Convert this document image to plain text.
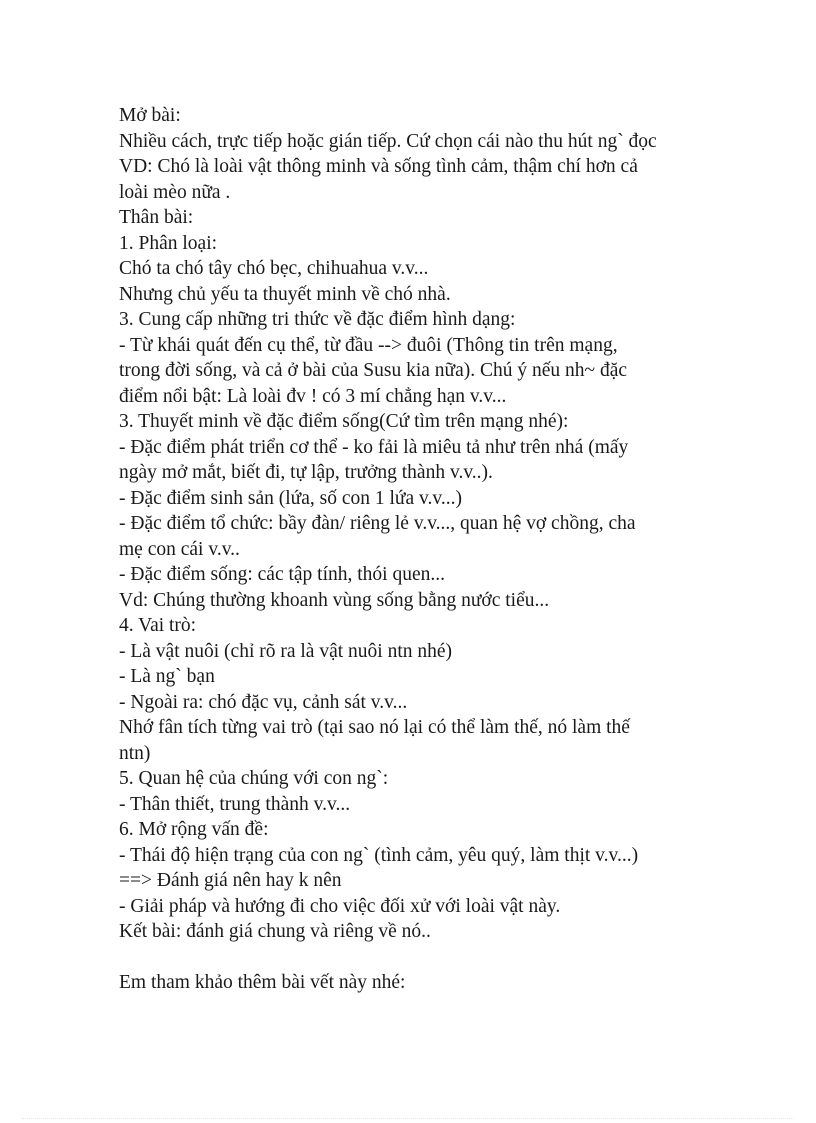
Mở bài:
Nhiều cách, trực tiếp hoặc gián tiếp. Cứ chọn cái nào thu hút ng` đọc
VD: Chó là loài vật thông minh và sống tình cảm, thậm chí hơn cả
loài mèo nữa .
Thân bài:
1. Phân loại:
Chó ta chó tây chó bẹc, chihuahua v.v...
Nhưng chủ yếu ta thuyết minh về chó nhà.
3. Cung cấp những tri thức về đặc điểm hình dạng:
- Từ khái quát đến cụ thể, từ đầu --> đuôi (Thông tin trên mạng,
trong đời sống, và cả ở bài của Susu kia nữa). Chú ý nếu nh~ đặc
điểm nổi bật: Là loài đv ! có 3 mí chẳng hạn v.v...
3. Thuyết minh về đặc điểm sống(Cứ tìm trên mạng nhé):
- Đặc điểm phát triển cơ thể - ko fải là miêu tả như trên nhá (mấy
ngày mở mắt, biết đi, tự lập, trưởng thành v.v..).
- Đặc điểm sinh sản (lứa, số con 1 lứa v.v...)
- Đặc điểm tổ chức: bầy đàn/ riêng lẻ v.v..., quan hệ vợ chồng, cha
mẹ con cái v.v..
- Đặc điểm sống: các tập tính, thói quen...
Vd: Chúng thường khoanh vùng sống bằng nước tiểu...
4. Vai trò:
- Là vật nuôi (chỉ rõ ra là vật nuôi ntn nhé)
- Là ng` bạn
- Ngoài ra: chó đặc vụ, cảnh sát v.v...
Nhớ fân tích từng vai trò (tại sao nó lại có thể làm thế, nó làm thế
ntn)
5. Quan hệ của chúng với con ng`:
- Thân thiết, trung thành v.v...
6. Mở rộng vấn đề:
- Thái độ hiện trạng của con ng` (tình cảm, yêu quý, làm thịt v.v...)
==> Đánh giá nên hay k nên
- Giải pháp và hướng đi cho việc đối xử với loài vật này.
Kết bài: đánh giá chung và riêng về nó..
Em tham khảo thêm bài vết này nhé:
